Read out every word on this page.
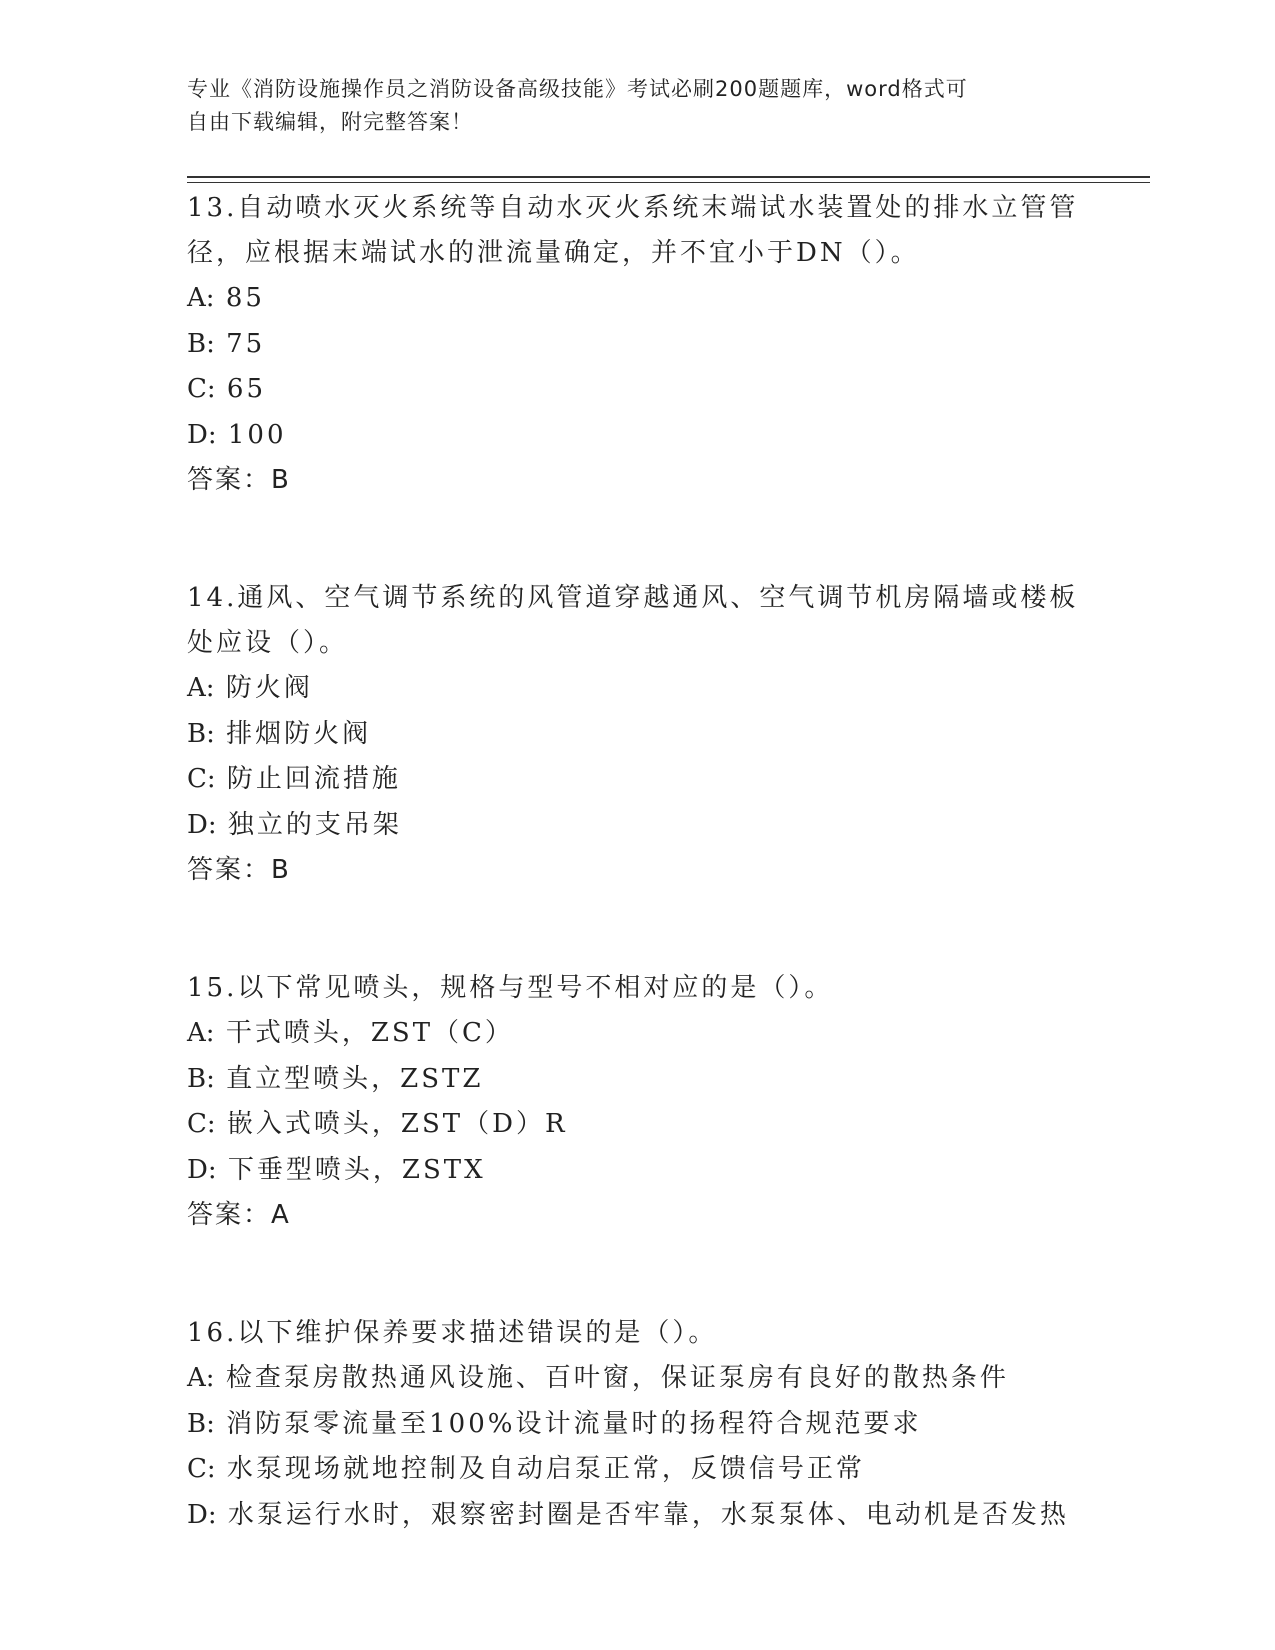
专业《消防设施操作员之消防设备高级技能》考试必刷200题题库，word格式可
自由下载编辑，附完整答案！
13.自动喷水灭火系统等自动水灭火系统末端试水装置处的排水立管管
径，应根据末端试水的泄流量确定，并不宜小于DN（）。
A: 85
B: 75
C: 65
D: 100
答案：B
14.通风、空气调节系统的风管道穿越通风、空气调节机房隔墙或楼板
处应设（）。
A: 防火阀
B: 排烟防火阀
C: 防止回流措施
D: 独立的支吊架
答案：B
15.以下常见喷头，规格与型号不相对应的是（）。
A: 干式喷头，ZST（C）
B: 直立型喷头，ZSTZ
C: 嵌入式喷头，ZST（D）R
D: 下垂型喷头，ZSTX
答案：A
16.以下维护保养要求描述错误的是（）。
A: 检查泵房散热通风设施、百叶窗，保证泵房有良好的散热条件
B: 消防泵零流量至100%设计流量时的扬程符合规范要求
C: 水泵现场就地控制及自动启泵正常，反馈信号正常
D: 水泵运行水时，艰察密封圈是否牢靠，水泵泵体、电动机是否发热
